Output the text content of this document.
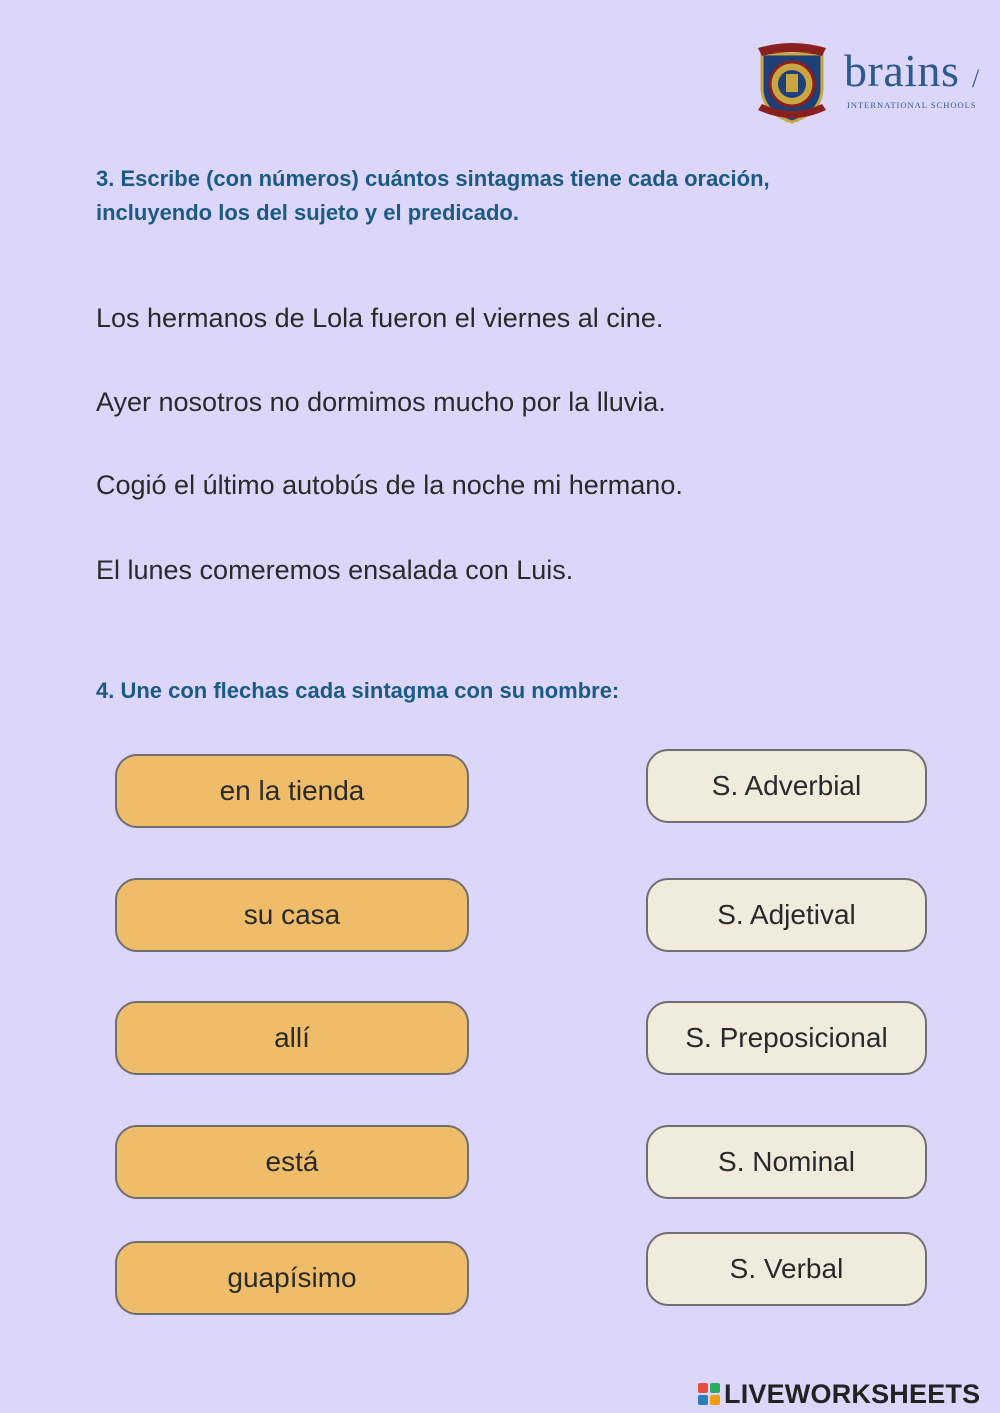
brains /
INTERNATIONAL SCHOOLS

3. Escribe (con números) cuántos sintagmas tiene cada oración, incluyendo los del sujeto y el predicado.

Los hermanos de Lola fueron el viernes al cine.

Ayer nosotros no dormimos mucho por la lluvia.

Cogió el último autobús de la noche mi hermano.

El lunes comeremos ensalada con Luis.

4. Une con flechas cada sintagma con su nombre:

en la tienda
su casa
allí
está
guapísimo
S. Adverbial
S. Adjetival
S. Preposicional
S. Nominal
S. Verbal
LIVEWORKSHEETS
